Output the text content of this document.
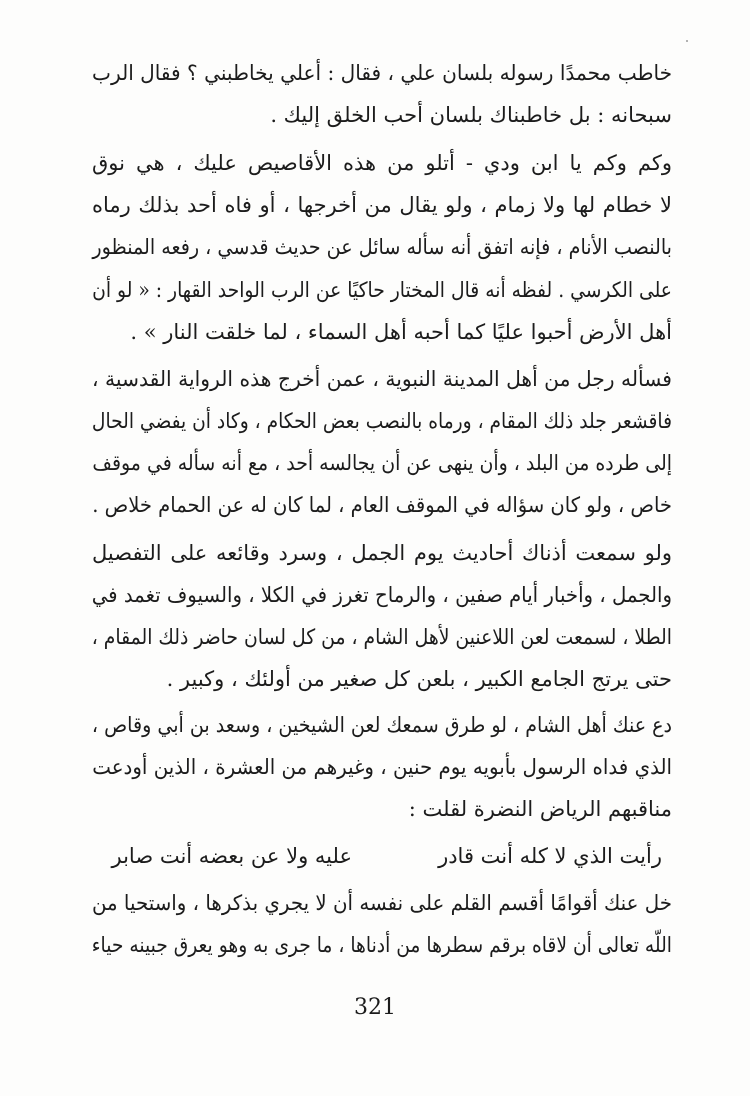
خاطب محمدًا رسوله بلسان علي ، فقال : أعلي يخاطبني ؟ فقال الرب
سبحانه : بل خاطبناك بلسان أحب الخلق إليك .
وكم وكم يا ابن ودي - أتلو من هذه الأقاصيص عليك ، هي نوق
لا خطام لها ولا زمام ، ولو يقال من أخرجها ، أو فاه أحد بذلك رماه
بالنصب الأنام ، فإنه اتفق أنه سأله سائل عن حديث قدسي ، رفعه المنظور
على الكرسي . لفظه أنه قال المختار حاكيًا عن الرب الواحد القهار : « لو أن
أهل الأرض أحبوا عليًا كما أحبه أهل السماء ، لما خلقت النار » .
فسأله رجل من أهل المدينة النبوية ، عمن أخرج هذه الرواية القدسية ،
فاقشعر جلد ذلك المقام ، ورماه بالنصب بعض الحكام ، وكاد أن يفضي الحال
إلى طرده من البلد ، وأن ينهى عن أن يجالسه أحد ، مع أنه سأله في موقف
خاص ، ولو كان سؤاله في الموقف العام ، لما كان له عن الحمام خلاص .
ولو سمعت أذناك أحاديث يوم الجمل ، وسرد وقائعه على التفصيل
والجمل ، وأخبار أيام صفين ، والرماح تغرز في الكلا ، والسيوف تغمد في
الطلا ، لسمعت لعن اللاعنين لأهل الشام ، من كل لسان حاضر ذلك المقام ،
حتى يرتج الجامع الكبير ، بلعن كل صغير من أولئك ، وكبير .
دع عنك أهل الشام ، لو طرق سمعك لعن الشيخين ، وسعد بن أبي وقاص ،
الذي فداه الرسول بأبويه يوم حنين ، وغيرهم من العشرة ، الذين أودعت
مناقبهم الرياض النضرة لقلت :
رأيت الذي لا كله أنت قادر
عليه ولا عن بعضه أنت صابر
خل عنك أقوامًا أقسم القلم على نفسه أن لا يجري بذكرها ، واستحيا من
اللّه تعالى أن لاقاه برقم سطرها من أدناها ، ما جرى به وهو يعرق جبينه حياء
321
